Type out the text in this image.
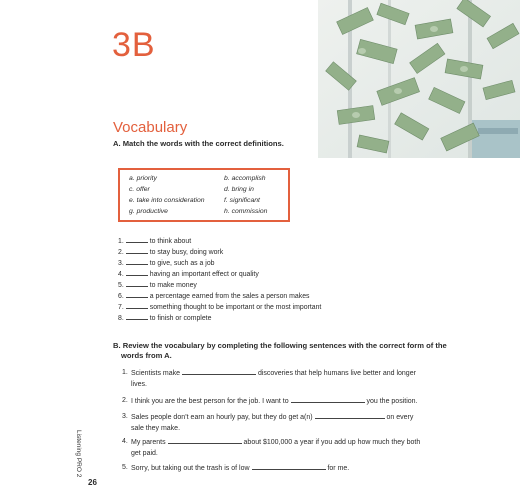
3B
Vocabulary
A. Match the words with the correct definitions.
a. priority	b. accomplish
c. offer	d. bring in
e. take into consideration	f. significant
g. productive	h. commission
1.	to think about
2.	to stay busy, doing work
3.	to give, such as a job
4.	having an important effect or quality
5.	to make money
6.	a percentage earned from the sales a person makes
7.	something thought to be important or the most important
8.	to finish or complete
B. Review the vocabulary by completing the following sentences with the correct form of the
words from A.
1. Scientists make	discoveries that help humans live better and longer lives.
2. I think you are the best person for the job. I want to	you the position.
3. Sales people don’t earn an hourly pay, but they do get a(n)	on every sale they make.
4. My parents	about $100,000 a year if you add up how much they both get paid.
5. Sorry, but taking out the trash is of low	for me.
Listening PRO 2
26
